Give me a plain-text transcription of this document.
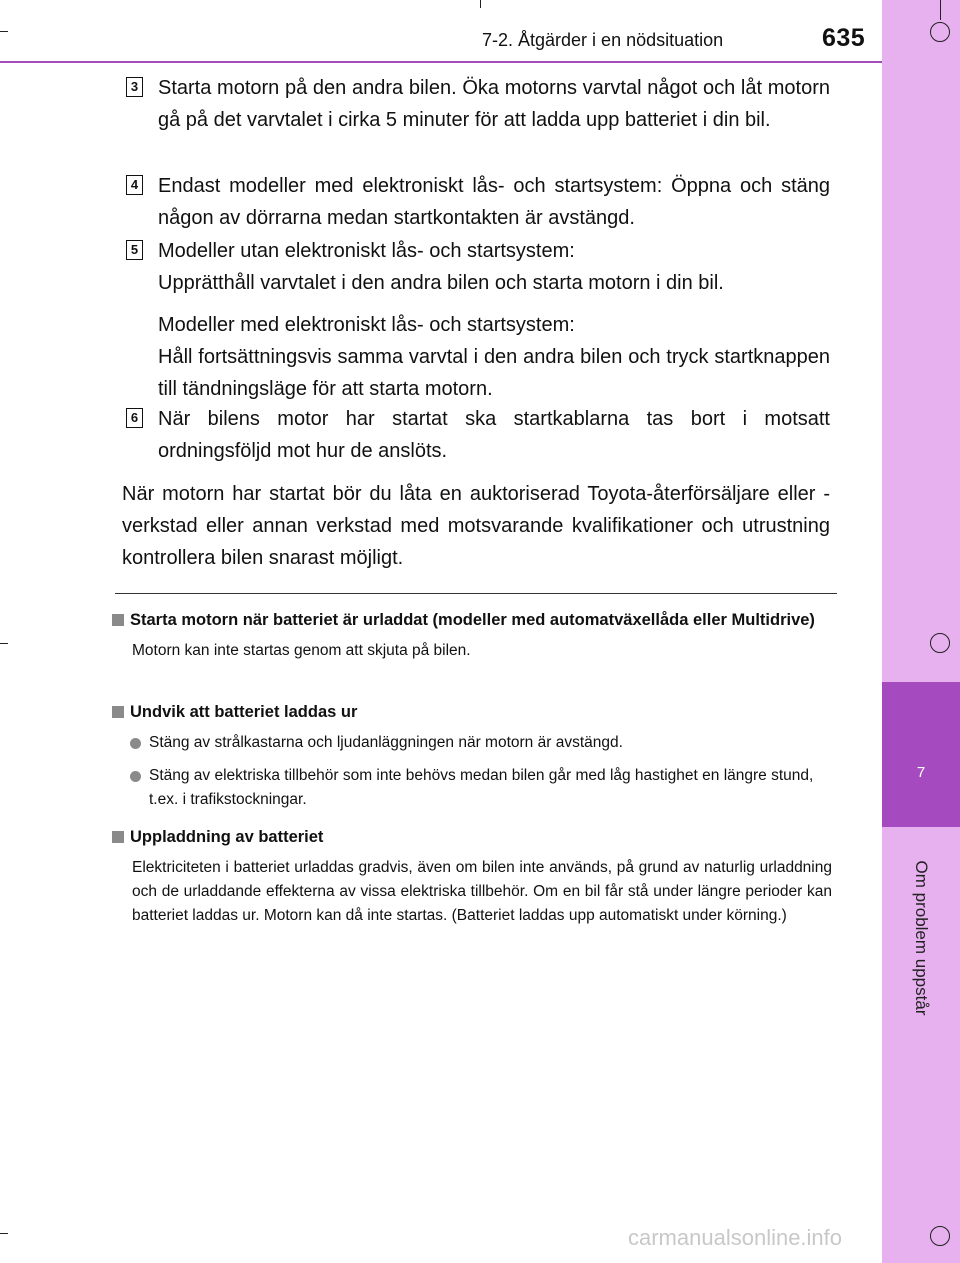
7
Om problem uppstår
7-2. Åtgärder i en nödsituation	635
3 Starta motorn på den andra bilen. Öka motorns varvtal något och låt motorn gå på det varvtalet i cirka 5 minuter för att ladda upp batteriet i din bil.

4 Endast modeller med elektroniskt lås- och startsystem: Öppna och stäng någon av dörrarna medan startkontakten är avstängd.

5 Modeller utan elektroniskt lås- och startsystem:

Upprätthåll varvtalet i den andra bilen och starta motorn i din bil.

Modeller med elektroniskt lås- och startsystem:

Håll fortsättningsvis samma varvtal i den andra bilen och tryck startknappen till tändningsläge för att starta motorn.

6 När bilens motor har startat ska startkablarna tas bort i motsatt ordningsföljd mot hur de anslöts.

När motorn har startat bör du låta en auktoriserad Toyota-återförsäljare eller -verkstad eller annan verkstad med motsvarande kvalifikationer och utrustning kontrollera bilen snarast möjligt.
Starta motorn när batteriet är urladdat (modeller med automatväxellåda eller Multidrive)
Motorn kan inte startas genom att skjuta på bilen.
Undvik att batteriet laddas ur
Stäng av strålkastarna och ljudanläggningen när motorn är avstängd.
Stäng av elektriska tillbehör som inte behövs medan bilen går med låg hastighet en längre stund, t.ex. i trafikstockningar.
Uppladdning av batteriet
Elektriciteten i batteriet urladdas gradvis, även om bilen inte används, på grund av naturlig urladdning och de urladdande effekterna av vissa elektriska tillbehör. Om en bil får stå under längre perioder kan batteriet laddas ur. Motorn kan då inte startas. (Batteriet laddas upp automatiskt under körning.)
carmanualsonline.info
